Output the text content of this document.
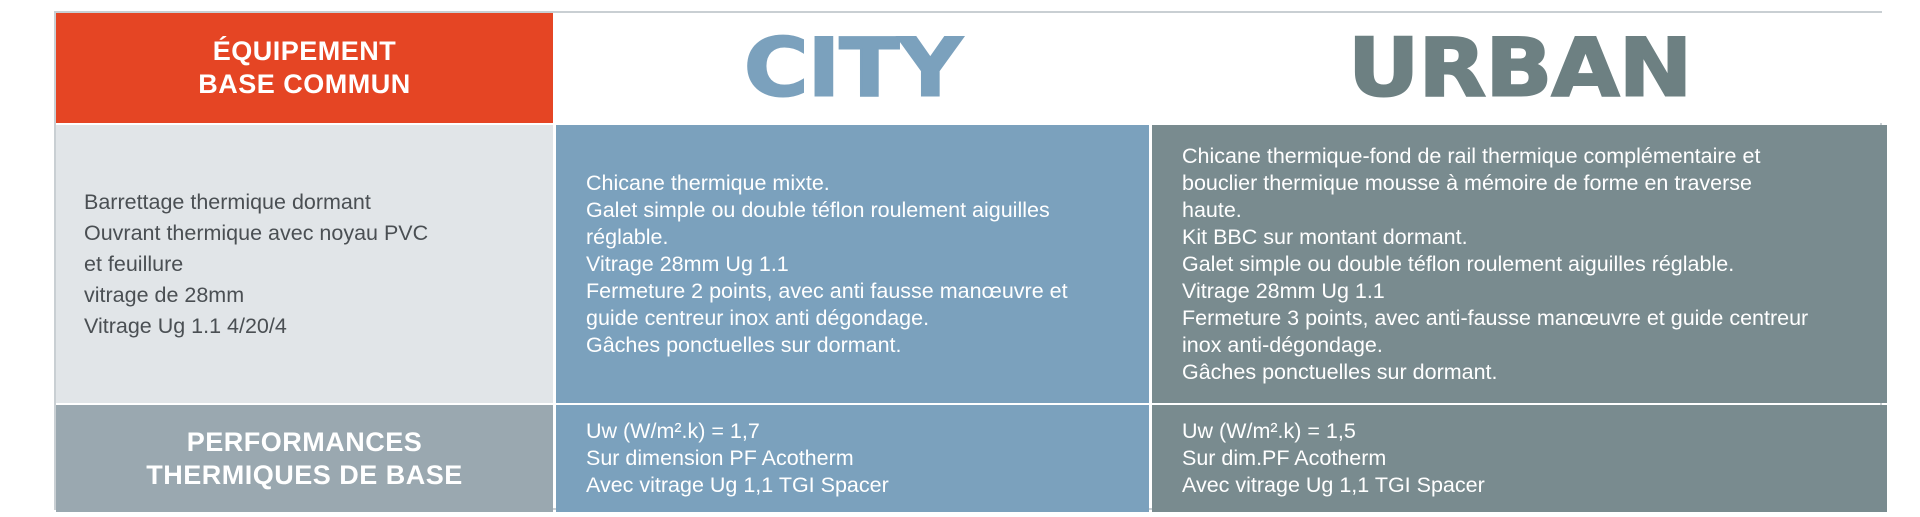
ÉQUIPEMENT
BASE COMMUN	CITY	URBAN
Barrettage thermique dormant
Ouvrant thermique avec noyau PVC
et feuillure
vitrage de 28mm
Vitrage Ug 1.1 4/20/4
Chicane thermique mixte.
Galet simple ou double téflon roulement aiguilles
réglable.
Vitrage 28mm Ug 1.1
Fermeture 2 points, avec anti fausse manœuvre et
guide centreur inox anti dégondage.
Gâches ponctuelles sur dormant.
Chicane thermique-fond de rail thermique complémentaire et
bouclier thermique mousse à mémoire de forme en traverse
haute.
Kit BBC sur montant dormant.
Galet simple ou double téflon roulement aiguilles réglable.
Vitrage 28mm Ug 1.1
Fermeture 3 points, avec anti-fausse manœuvre et guide centreur
inox anti-dégondage.
Gâches ponctuelles sur dormant.
PERFORMANCES
THERMIQUES DE BASE
Uw (W/m².k) = 1,7
Sur dimension PF Acotherm
Avec vitrage Ug 1,1 TGI Spacer
Uw (W/m².k) = 1,5
Sur dim.PF Acotherm
Avec vitrage Ug 1,1 TGI Spacer
